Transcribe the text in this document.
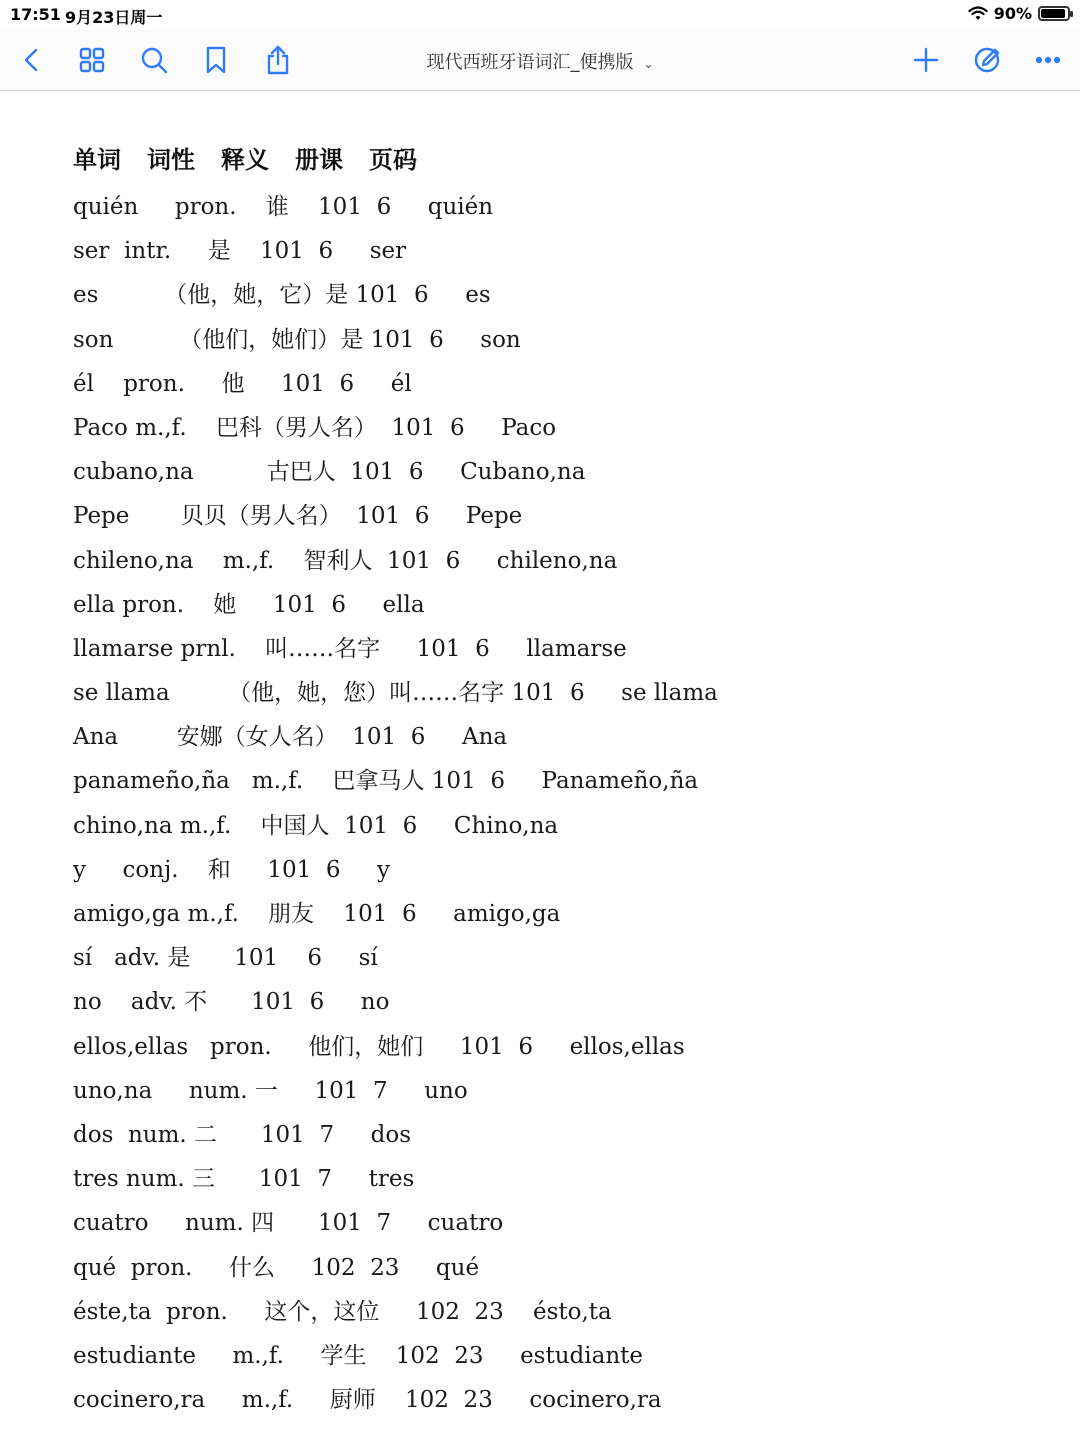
17:51 9月23日周一	90%
现代西班牙语词汇_便携版 ⌄
单词 词性 释义 册课 页码
quién     pron.    谁    101  6     quién
ser  intr.     是    101  6     ser
es         （他，她，它）是 101  6     es
son         （他们，她们）是 101  6     son
él    pron.     他     101  6     él
Paco m.,f.    巴科（男人名）  101  6     Paco
cubano,na          古巴人  101  6     Cubano,na
Pepe       贝贝（男人名）  101  6     Pepe
chileno,na    m.,f.    智利人  101  6     chileno,na
ella pron.    她     101  6     ella
llamarse prnl.    叫……名字     101  6     llamarse
se llama        （他，她，您）叫……名字 101  6     se llama
Ana        安娜（女人名）  101  6     Ana
panameño,ña   m.,f.    巴拿马人 101  6     Panameño,ña
chino,na m.,f.    中国人  101  6     Chino,na
y     conj.    和     101  6     y
amigo,ga m.,f.    朋友    101  6     amigo,ga
sí   adv. 是      101    6     sí
no    adv. 不      101  6     no
ellos,ellas   pron.     他们，她们     101  6     ellos,ellas
uno,na     num. 一     101  7     uno
dos  num. 二      101  7     dos
tres num. 三      101  7     tres
cuatro     num. 四      101  7     cuatro
qué  pron.     什么     102  23     qué
éste,ta  pron.     这个，这位     102  23    ésto,ta
estudiante     m.,f.     学生    102  23     estudiante
cocinero,ra     m.,f.     厨师    102  23     cocinero,ra
